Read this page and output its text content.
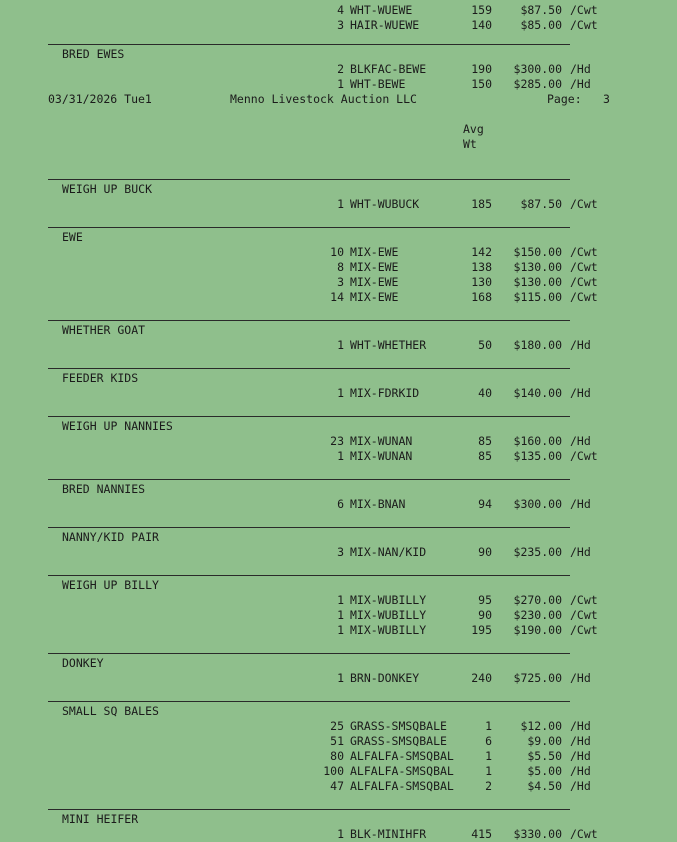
4 WHT-WUEWE	159 $87.50 /Cwt
3 HAIR-WUEWE	140 $85.00 /Cwt
BRED EWES
2 BLKFAC-BEWE	190 $300.00 /Hd
1 WHT-BEWE	150 $285.00 /Hd
03/31/2026 Tue1	Menno Livestock Auction LLC	Page: 3
Avg
Wt
WEIGH UP BUCK
1 WHT-WUBUCK	185 $87.50 /Cwt
EWE
10 MIX-EWE	142 $150.00 /Cwt
8 MIX-EWE	138 $130.00 /Cwt
3 MIX-EWE	130 $130.00 /Cwt
14 MIX-EWE	168 $115.00 /Cwt
WHETHER GOAT
1 WHT-WHETHER	50 $180.00 /Hd
FEEDER KIDS
1 MIX-FDRKID	40 $140.00 /Hd
WEIGH UP NANNIES
23 MIX-WUNAN	85 $160.00 /Hd
1 MIX-WUNAN	85 $135.00 /Cwt
BRED NANNIES
6 MIX-BNAN	94 $300.00 /Hd
NANNY/KID PAIR
3 MIX-NAN/KID	90 $235.00 /Hd
WEIGH UP BILLY
1 MIX-WUBILLY	95 $270.00 /Cwt
1 MIX-WUBILLY	90 $230.00 /Cwt
1 MIX-WUBILLY	195 $190.00 /Cwt
DONKEY
1 BRN-DONKEY	240 $725.00 /Hd
SMALL SQ BALES
25 GRASS-SMSQBALE	1 $12.00 /Hd
51 GRASS-SMSQBALE	6	$9.00 /Hd
80 ALFALFA-SMSQBAL	1	$5.50 /Hd
100 ALFALFA-SMSQBAL	1	$5.00 /Hd
47 ALFALFA-SMSQBAL	2	$4.50 /Hd
MINI HEIFER
1 BLK-MINIHFR	415 $330.00 /Cwt
